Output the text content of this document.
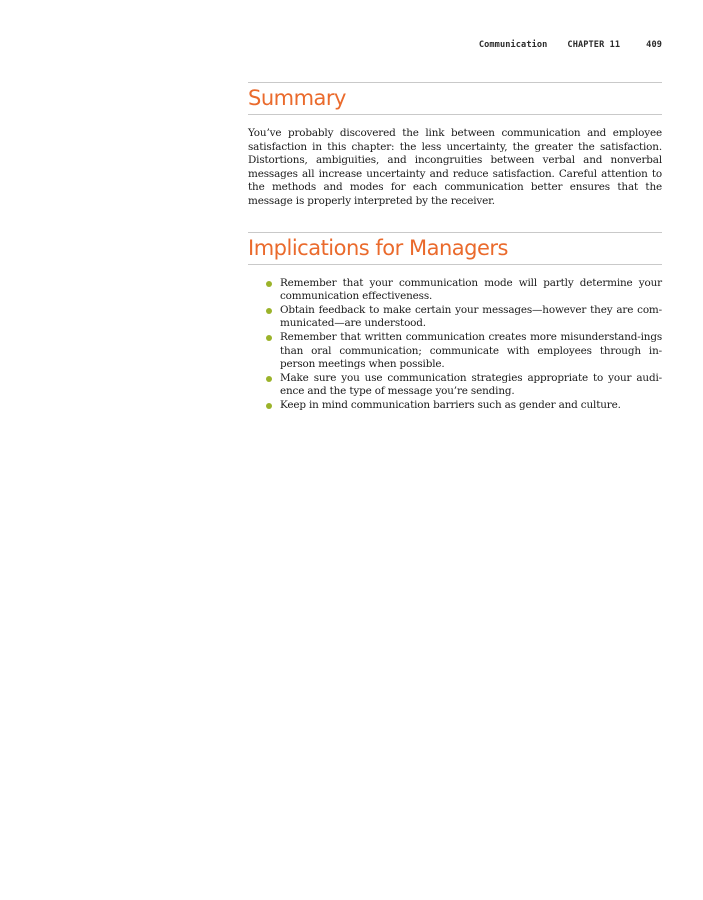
Communication CHAPTER 11	409
Summary

You’ve probably discovered the link between communication and employee satisfaction in this chapter: the less uncertainty, the greater the satisfaction. Distortions, ambiguities, and incongruities between verbal and nonverbal messages all increase uncertainty and reduce satisfaction. Careful attention to the methods and modes for each communication better ensures that the message is properly interpreted by the receiver.

Implications for Managers
Remember that your communication mode will partly determine your communication effectiveness.
Obtain feedback to make certain your messages—however they are com-municated—are understood.
Remember that written communication creates more misunderstand-ings than oral communication; communicate with employees through in-person meetings when possible.
Make sure you use communication strategies appropriate to your audi-ence and the type of message you’re sending.
Keep in mind communication barriers such as gender and culture.
